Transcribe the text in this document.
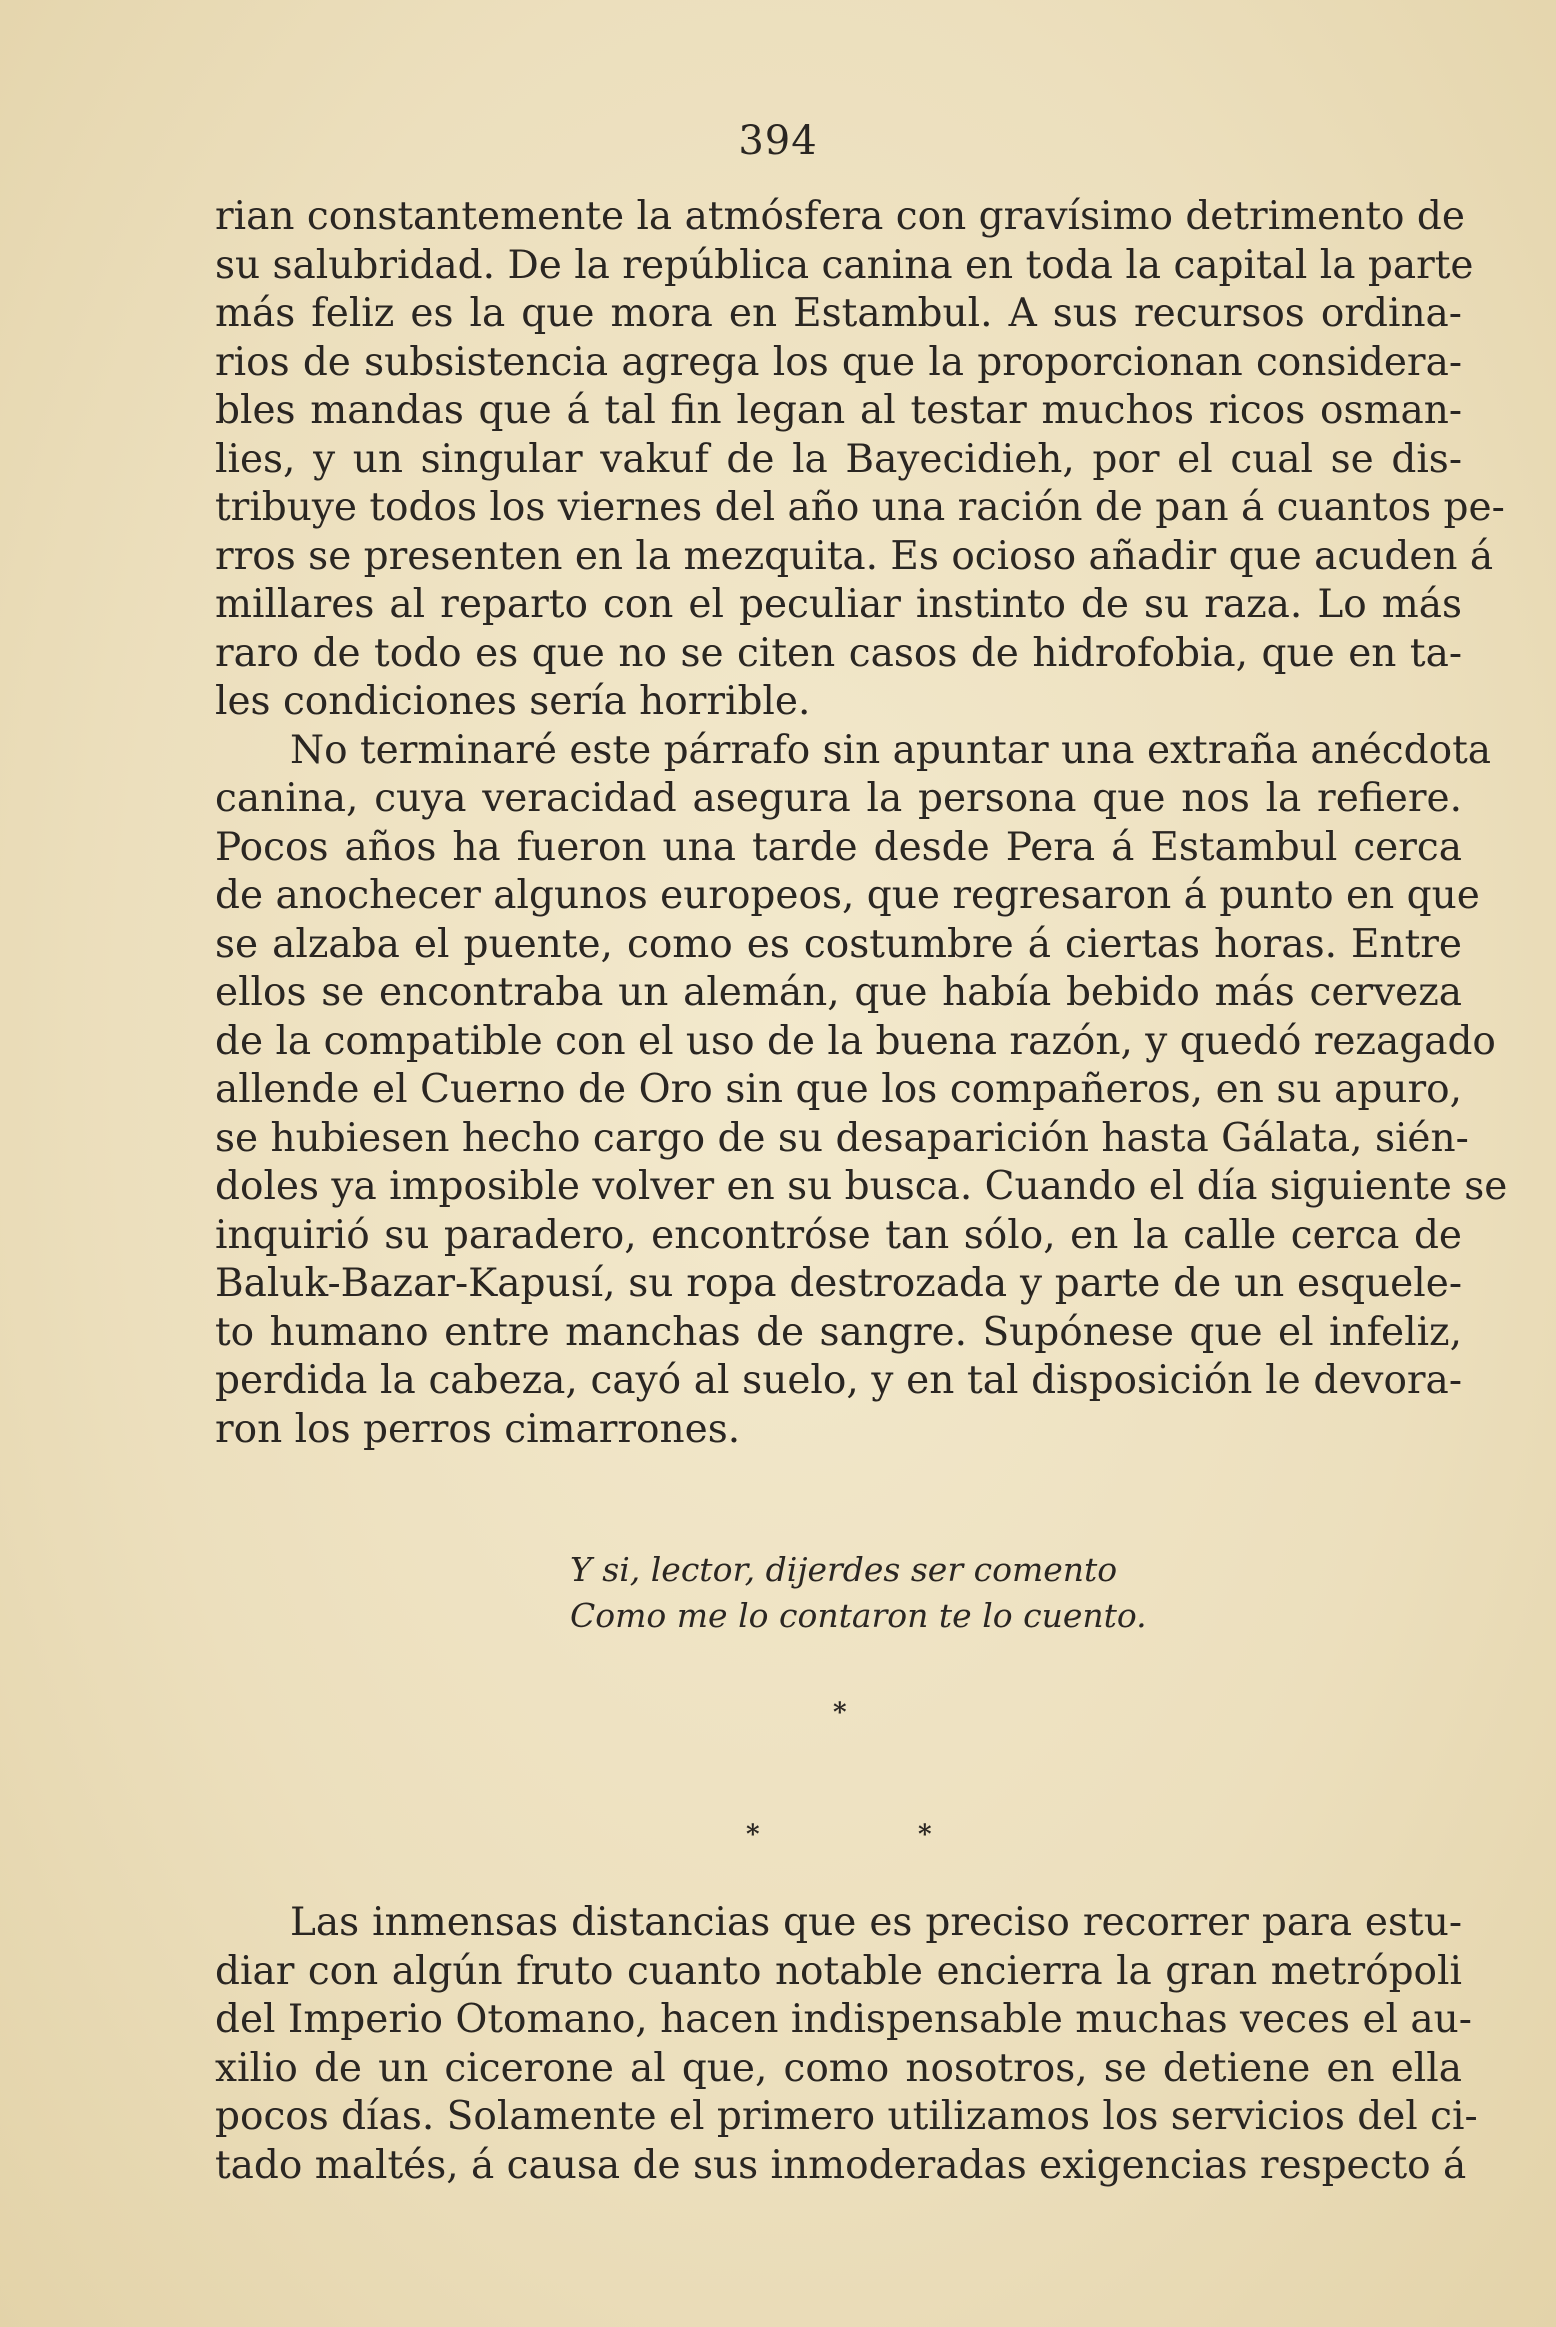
394
rian constantemente la atmósfera con gravísimo detrimento de
su salubridad. De la república canina en toda la capital la parte
más feliz es la que mora en Estambul. A sus recursos ordina-
rios de subsistencia agrega los que la proporcionan considera-
bles mandas que á tal fin legan al testar muchos ricos osman-
lies, y un singular vakuf de la Bayecidieh, por el cual se dis-
tribuye todos los viernes del año una ración de pan á cuantos pe-
rros se presenten en la mezquita. Es ocioso añadir que acuden á
millares al reparto con el peculiar instinto de su raza. Lo más
raro de todo es que no se citen casos de hidrofobia, que en ta-
les condiciones sería horrible.
No terminaré este párrafo sin apuntar una extraña anécdota
canina, cuya veracidad asegura la persona que nos la refiere.
Pocos años ha fueron una tarde desde Pera á Estambul cerca
de anochecer algunos europeos, que regresaron á punto en que
se alzaba el puente, como es costumbre á ciertas horas. Entre
ellos se encontraba un alemán, que había bebido más cerveza
de la compatible con el uso de la buena razón, y quedó rezagado
allende el Cuerno de Oro sin que los compañeros, en su apuro,
se hubiesen hecho cargo de su desaparición hasta Gálata, sién-
doles ya imposible volver en su busca. Cuando el día siguiente se
inquirió su paradero, encontróse tan sólo, en la calle cerca de
Baluk-Bazar-Kapusí, su ropa destrozada y parte de un esquele-
to humano entre manchas de sangre. Supónese que el infeliz,
perdida la cabeza, cayó al suelo, y en tal disposición le devora-
ron los perros cimarrones.
Y si, lector, dijerdes ser comento
Como me lo contaron te lo cuento.
*
*	*
Las inmensas distancias que es preciso recorrer para estu-
diar con algún fruto cuanto notable encierra la gran metrópoli
del Imperio Otomano, hacen indispensable muchas veces el au-
xilio de un cicerone al que, como nosotros, se detiene en ella
pocos días. Solamente el primero utilizamos los servicios del ci-
tado maltés, á causa de sus inmoderadas exigencias respecto á
